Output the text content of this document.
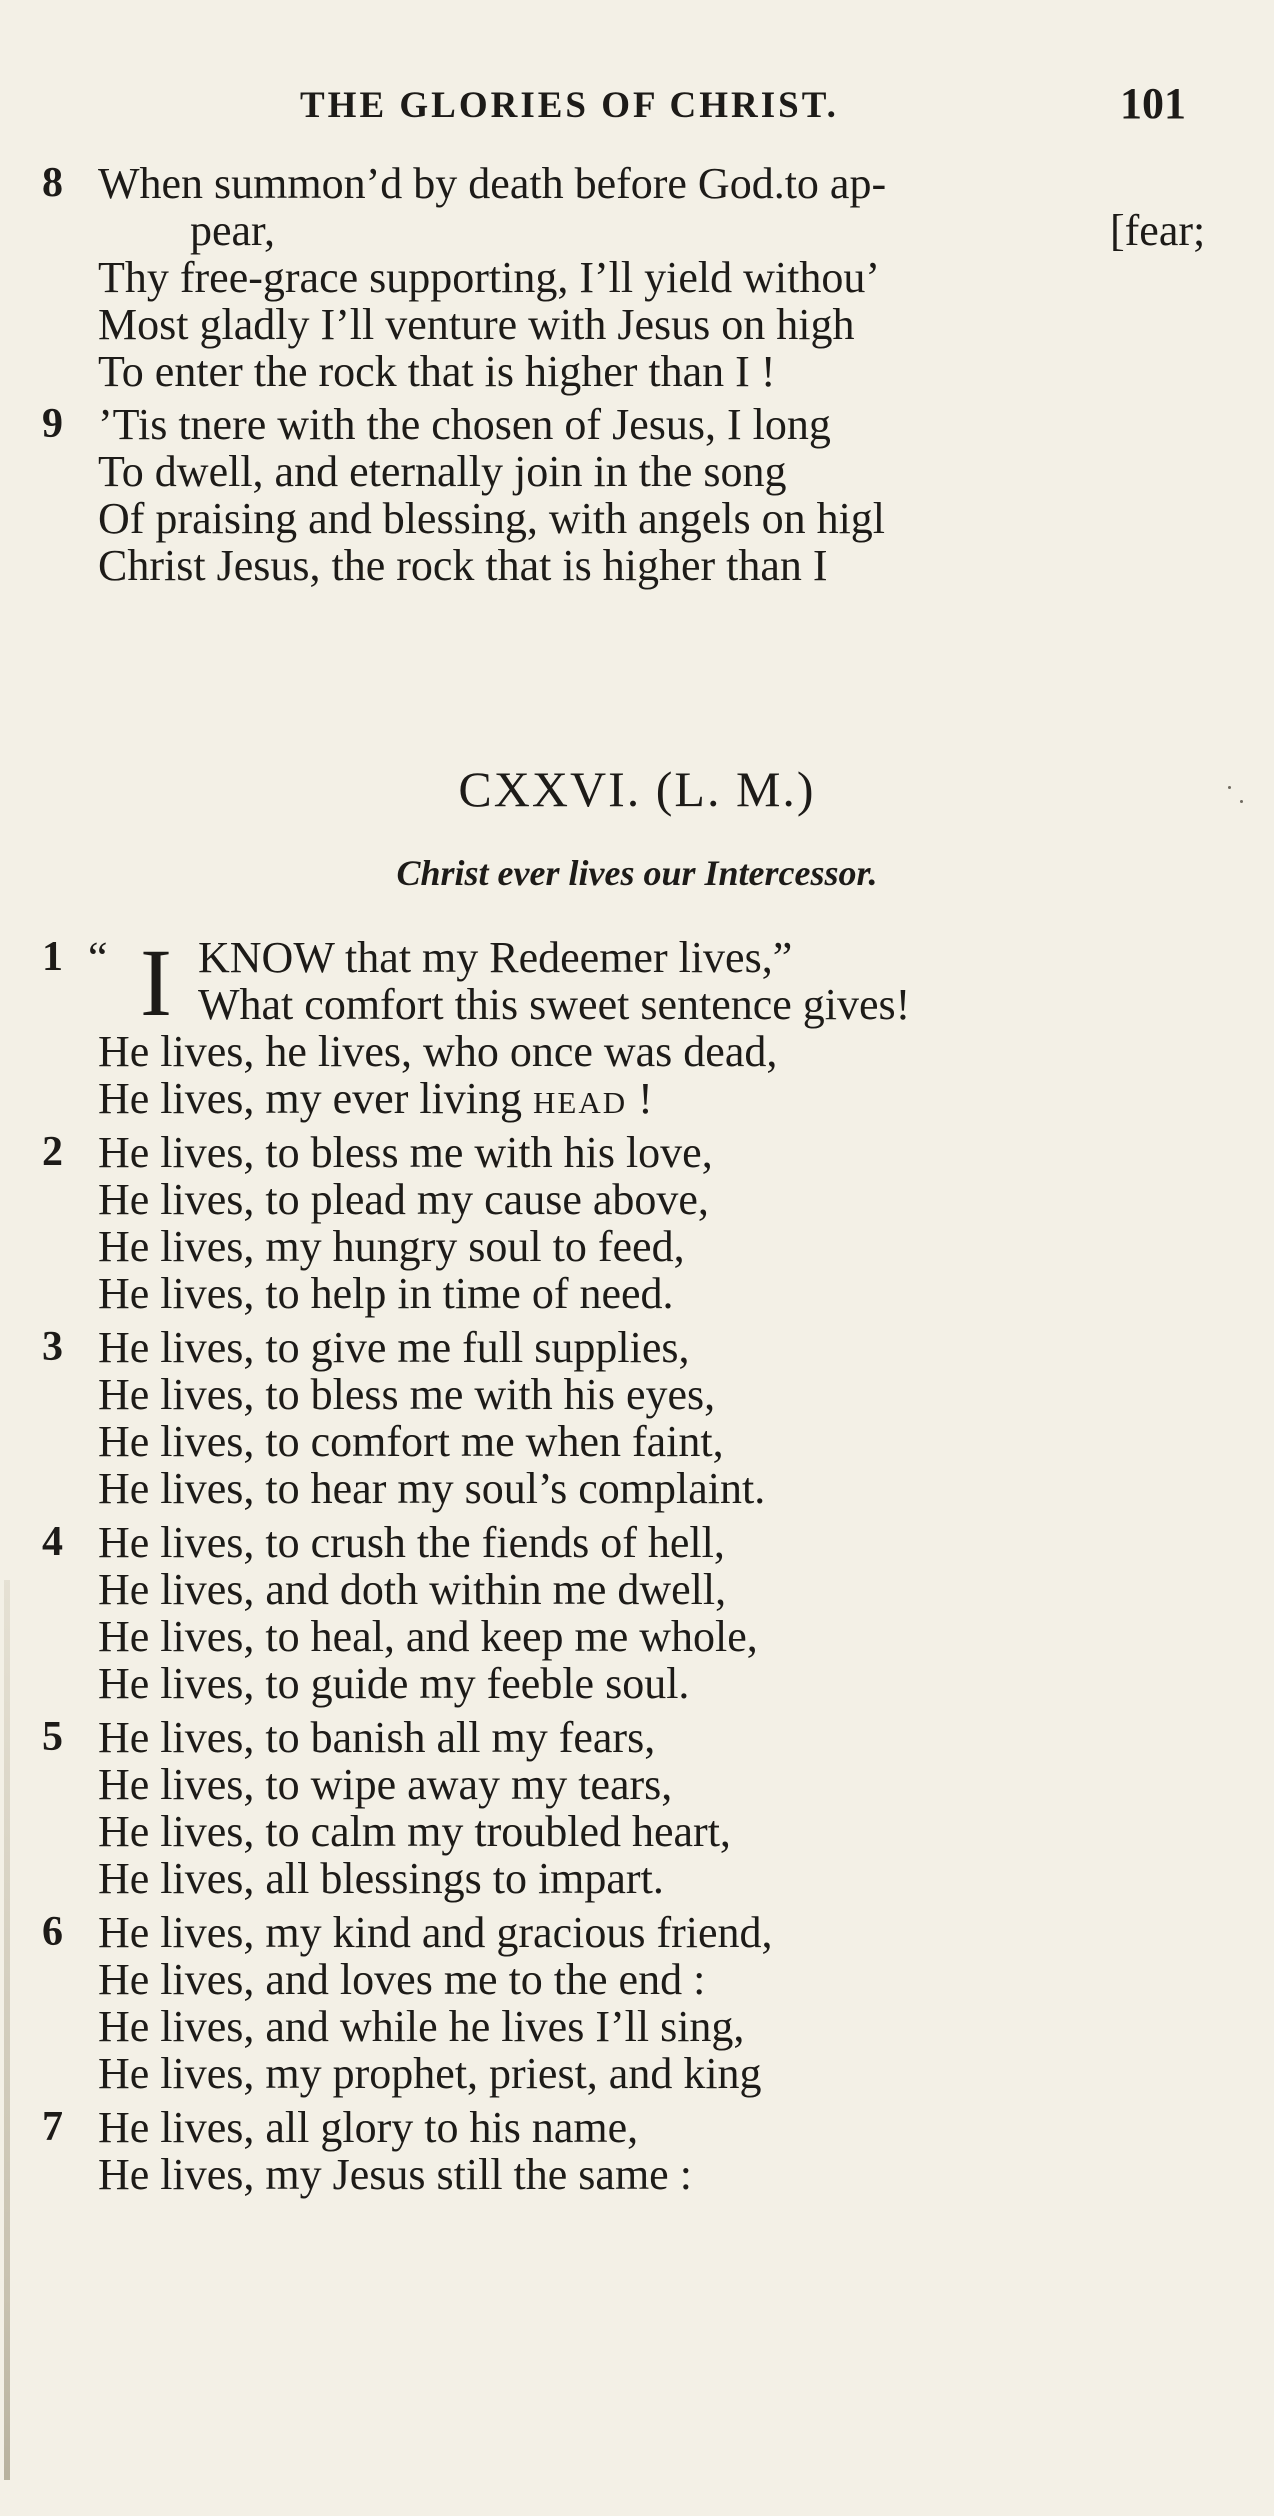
THE GLORIES OF CHRIST.	101
8 When summon’d by death before God.to ap-
pear,	[fear;
Thy free-grace supporting, I’ll yield withou’
Most gladly I’ll venture with Jesus on high
To enter the rock that is higher than I !
9 ’Tis tnere with the chosen of Jesus, I long
To dwell, and eternally join in the song
Of praising and blessing, with angels on higl
Christ Jesus, the rock that is higher than I
CXXVI. (L. M.)
Christ ever lives our Intercessor.
1 “ I KNOW that my Redeemer lives,”
What comfort this sweet sentence gives!
He lives, he lives, who once was dead,
He lives, my ever living head !
2 He lives, to bless me with his love,
He lives, to plead my cause above,
He lives, my hungry soul to feed,
He lives, to help in time of need.
3 He lives, to give me full supplies,
He lives, to bless me with his eyes,
He lives, to comfort me when faint,
He lives, to hear my soul’s complaint.
4 He lives, to crush the fiends of hell,
He lives, and doth within me dwell,
He lives, to heal, and keep me whole,
He lives, to guide my feeble soul.
5 He lives, to banish all my fears,
He lives, to wipe away my tears,
He lives, to calm my troubled heart,
He lives, all blessings to impart.
6 He lives, my kind and gracious friend,
He lives, and loves me to the end :
He lives, and while he lives I’ll sing,
He lives, my prophet, priest, and king
7 He lives, all glory to his name,
He lives, my Jesus still the same :
